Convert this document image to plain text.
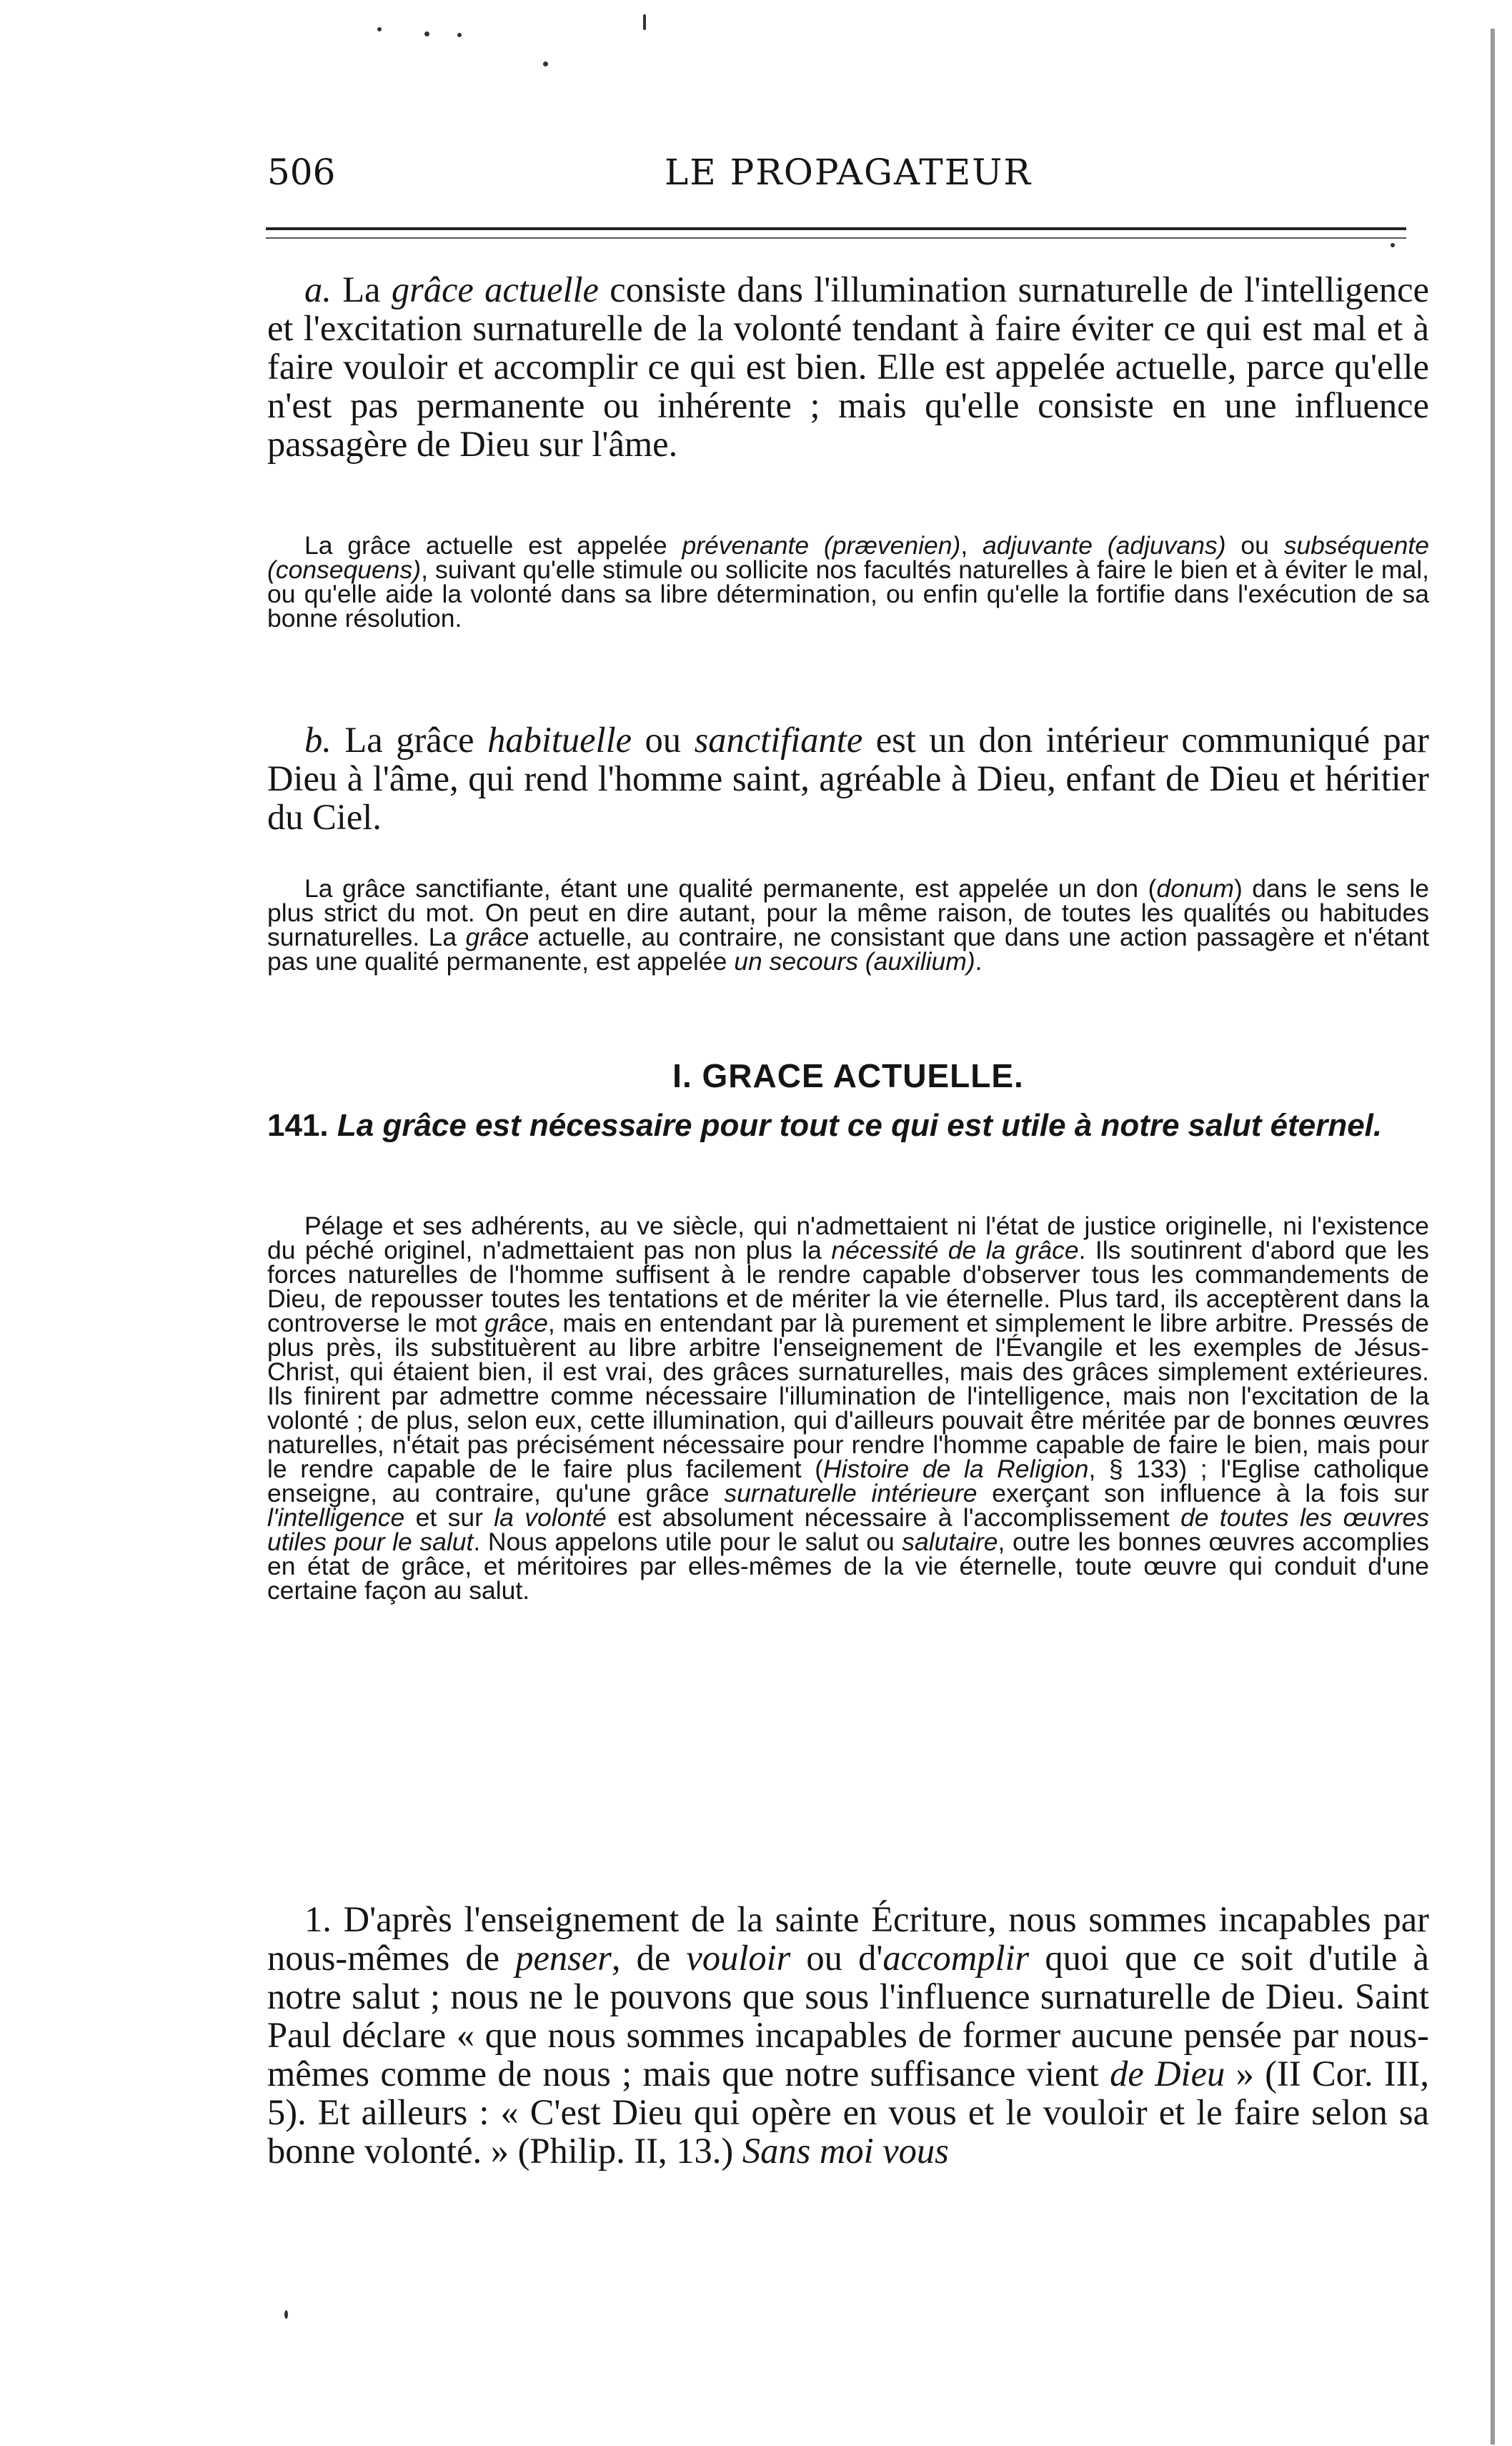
506	LE PROPAGATEUR

a. La grâce actuelle consiste dans l'illumination surnaturelle de l'intelligence et l'excitation surnaturelle de la volonté tendant à faire éviter ce qui est mal et à faire vouloir et accomplir ce qui est bien. Elle est appelée actuelle, parce qu'elle n'est pas permanente ou inhérente ; mais qu'elle consiste en une influence passagère de Dieu sur l'âme.

La grâce actuelle est appelée prévenante (prævenien), adjuvante (adjuvans) ou subséquente (consequens), suivant qu'elle stimule ou sollicite nos facultés naturelles à faire le bien et à éviter le mal, ou qu'elle aide la volonté dans sa libre détermination, ou enfin qu'elle la fortifie dans l'exécution de sa bonne résolution.

b. La grâce habituelle ou sanctifiante est un don intérieur communiqué par Dieu à l'âme, qui rend l'homme saint, agréable à Dieu, enfant de Dieu et héritier du Ciel.

La grâce sanctifiante, étant une qualité permanente, est appelée un don (donum) dans le sens le plus strict du mot. On peut en dire autant, pour la même raison, de toutes les qualités ou habitudes surnaturelles. La grâce actuelle, au contraire, ne consistant que dans une action passagère et n'étant pas une qualité permanente, est appelée un secours (auxilium).

I. GRACE ACTUELLE.
141. La grâce est nécessaire pour tout ce qui est utile à notre salut éternel.

Pélage et ses adhérents, au ve siècle, qui n'admettaient ni l'état de justice originelle, ni l'existence du péché originel, n'admettaient pas non plus la nécessité de la grâce. Ils soutinrent d'abord que les forces naturelles de l'homme suffisent à le rendre capable d'observer tous les commandements de Dieu, de repousser toutes les tentations et de mériter la vie éternelle. Plus tard, ils acceptèrent dans la controverse le mot grâce, mais en entendant par là purement et simplement le libre arbitre. Pressés de plus près, ils substituèrent au libre arbitre l'enseignement de l'Évangile et les exemples de Jésus-Christ, qui étaient bien, il est vrai, des grâces surnaturelles, mais des grâces simplement extérieures. Ils finirent par admettre comme nécessaire l'illumination de l'intelligence, mais non l'excitation de la volonté ; de plus, selon eux, cette illumination, qui d'ailleurs pouvait être méritée par de bonnes œuvres naturelles, n'était pas précisément nécessaire pour rendre l'homme capable de faire le bien, mais pour le rendre capable de le faire plus facilement (Histoire de la Religion, § 133) ; l'Eglise catholique enseigne, au contraire, qu'une grâce surnaturelle intérieure exerçant son influence à la fois sur l'intelligence et sur la volonté est absolument nécessaire à l'accomplissement de toutes les œuvres utiles pour le salut. Nous appelons utile pour le salut ou salutaire, outre les bonnes œuvres accomplies en état de grâce, et méritoires par elles-mêmes de la vie éternelle, toute œuvre qui conduit d'une certaine façon au salut.

1. D'après l'enseignement de la sainte Écriture, nous sommes incapables par nous-mêmes de penser, de vouloir ou d'accomplir quoi que ce soit d'utile à notre salut ; nous ne le pouvons que sous l'influence surnaturelle de Dieu. Saint Paul déclare « que nous sommes incapables de former aucune pensée par nous-mêmes comme de nous ; mais que notre suffisance vient de Dieu » (II Cor. III, 5). Et ailleurs : « C'est Dieu qui opère en vous et le vouloir et le faire selon sa bonne volonté. » (Philip. II, 13.) Sans moi vous
